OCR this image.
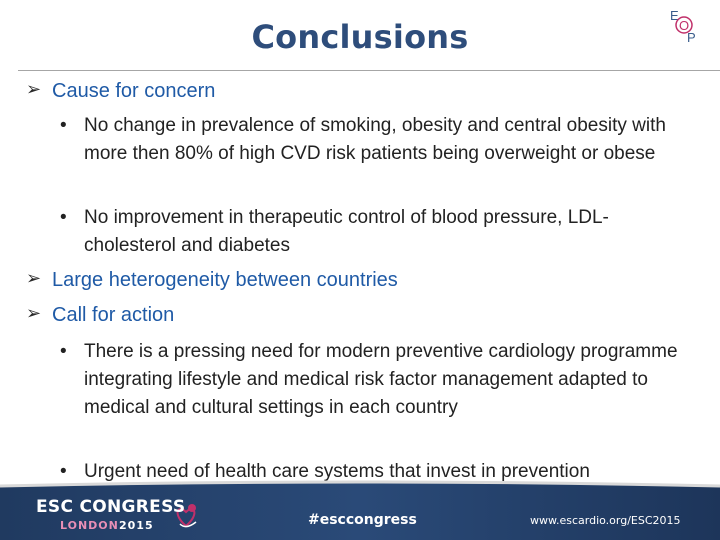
Conclusions
E
O
P
➢ Cause for concern
• No change in prevalence of smoking, obesity and central obesity with more then 80% of high CVD risk patients being overweight or obese
• No improvement in therapeutic control of blood pressure, LDL-cholesterol and diabetes
➢ Large heterogeneity between countries
➢ Call for action
• There is a pressing need for modern preventive cardiology programme integrating lifestyle and medical risk factor management adapted to medical and cultural settings in each country
• Urgent need of health care systems that invest in prevention
ESC CONGRESS
LONDON 2015	#esccongress	www.escardio.org/ESC2015
